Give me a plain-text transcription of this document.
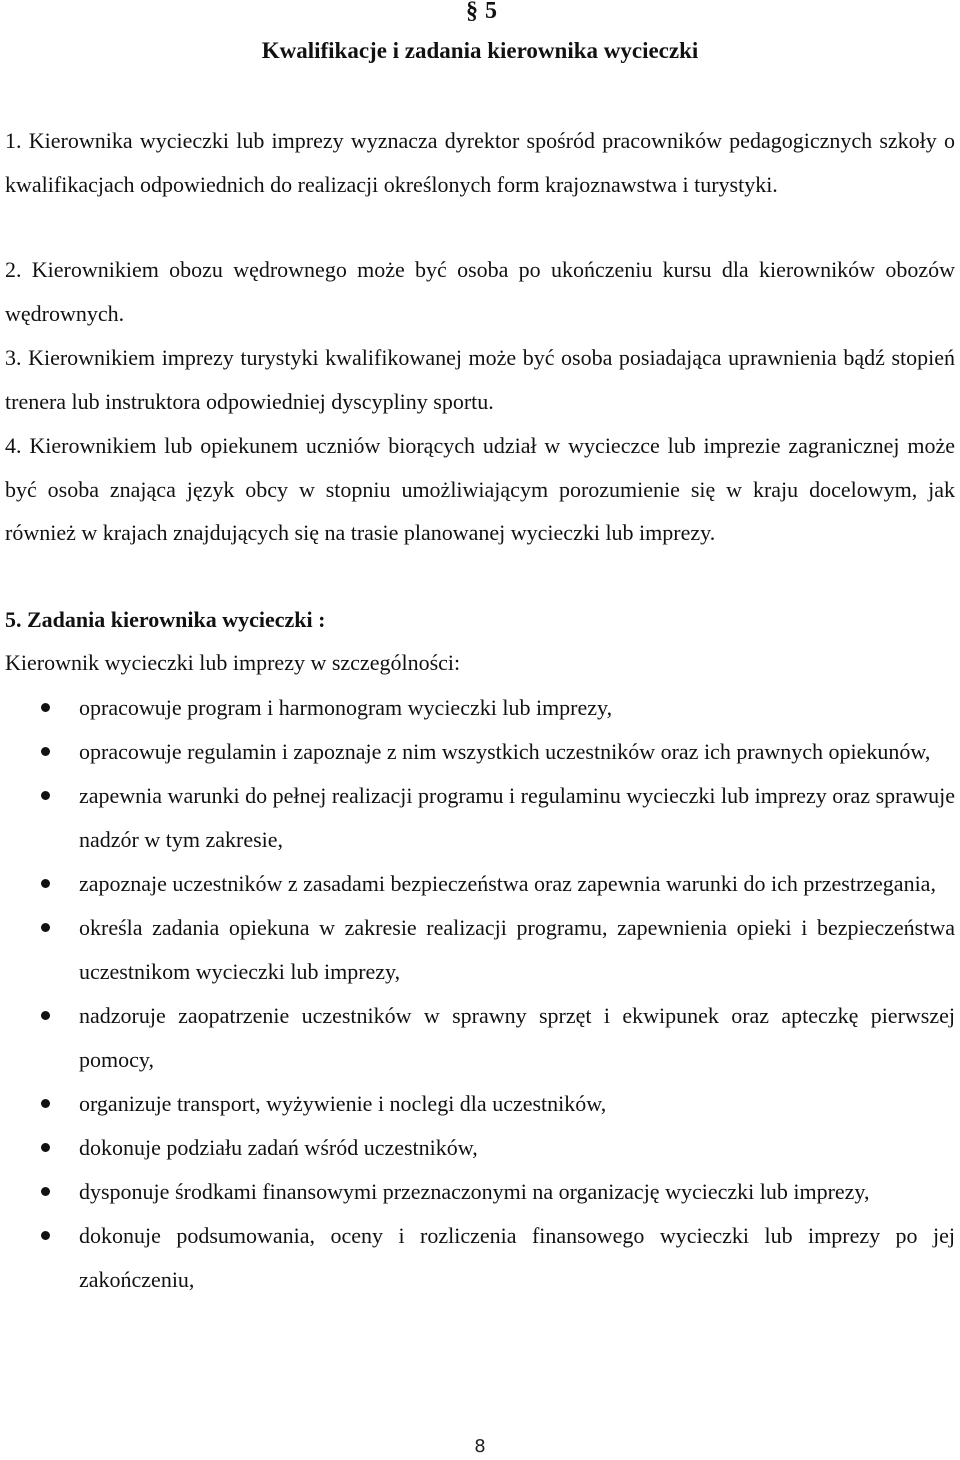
§ 5
Kwalifikacje i zadania kierownika wycieczki

1. Kierownika wycieczki lub imprezy wyznacza dyrektor spośród pracowników pedagogicznych szkoły o kwalifikacjach odpowiednich do realizacji określonych form krajoznawstwa i turystyki.

2. Kierownikiem obozu wędrownego może być osoba po ukończeniu kursu dla kierowników obozów wędrownych.

3. Kierownikiem imprezy turystyki kwalifikowanej może być osoba posiadająca uprawnienia bądź stopień trenera lub instruktora odpowiedniej dyscypliny sportu.

4. Kierownikiem lub opiekunem uczniów biorących udział w wycieczce lub imprezie zagranicznej może być osoba znająca język obcy w stopniu umożliwiającym porozumienie się w kraju docelowym, jak również w krajach znajdujących się na trasie planowanej wycieczki lub imprezy.

5. Zadania kierownika wycieczki :
Kierownik wycieczki lub imprezy w szczególności:
opracowuje program i harmonogram wycieczki lub imprezy,
opracowuje regulamin i zapoznaje z nim wszystkich uczestników oraz ich prawnych opiekunów,
zapewnia warunki do pełnej realizacji programu i regulaminu wycieczki lub imprezy oraz sprawuje nadzór w tym zakresie,
zapoznaje uczestników z zasadami bezpieczeństwa oraz zapewnia warunki do ich przestrzegania,
określa zadania opiekuna w zakresie realizacji programu, zapewnienia opieki i bezpieczeństwa uczestnikom wycieczki lub imprezy,
nadzoruje zaopatrzenie uczestników w sprawny sprzęt i ekwipunek oraz apteczkę pierwszej pomocy,
organizuje transport, wyżywienie i noclegi dla uczestników,
dokonuje podziału zadań wśród uczestników,
dysponuje środkami finansowymi przeznaczonymi na organizację wycieczki lub imprezy,
dokonuje podsumowania, oceny i rozliczenia finansowego wycieczki lub imprezy po jej zakończeniu,
8
